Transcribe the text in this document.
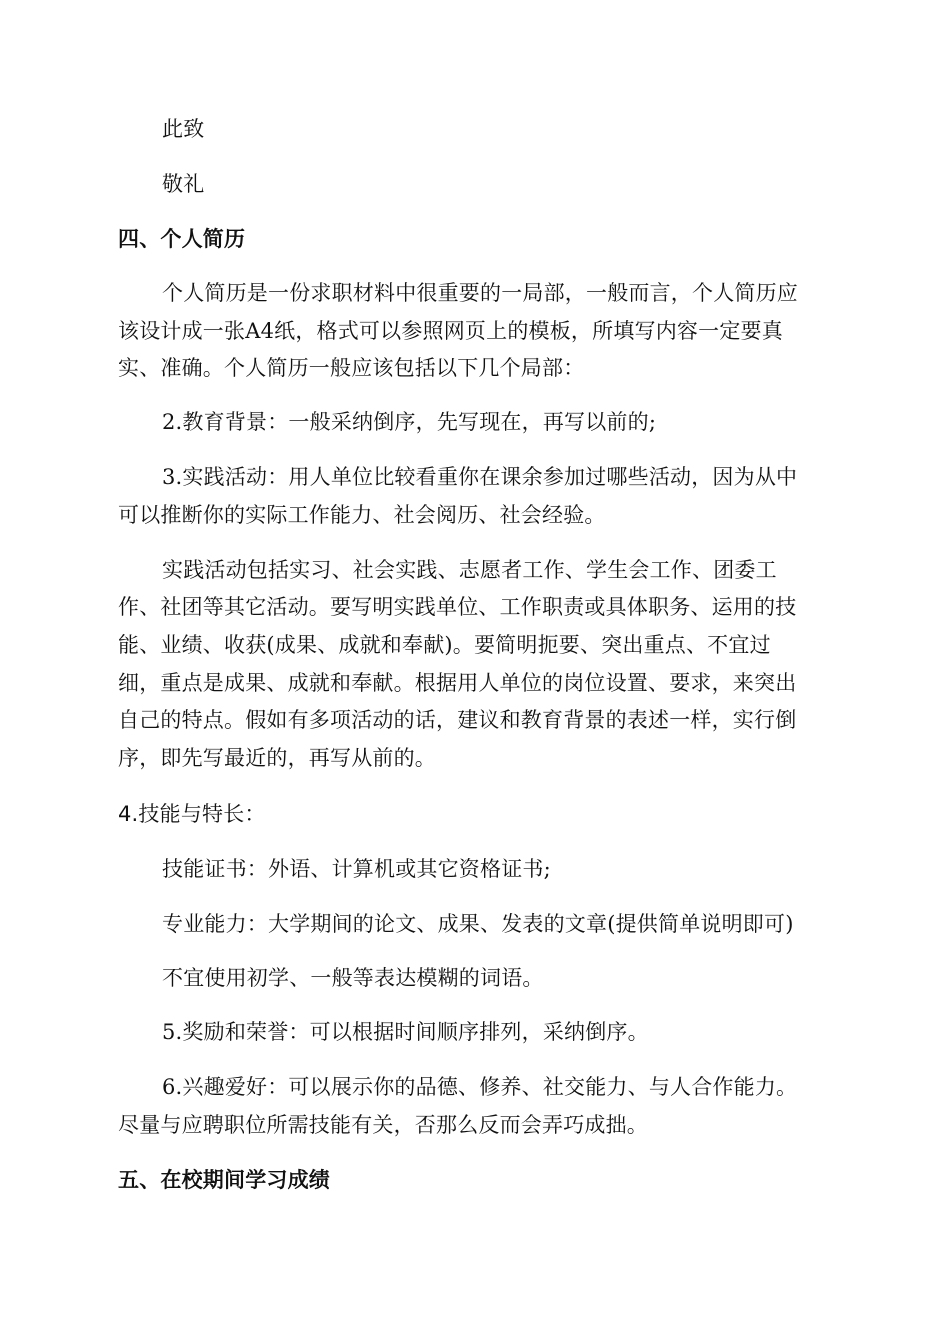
此致
敬礼
四、个人简历
个人简历是一份求职材料中很重要的一局部，一般而言，个人简历应
该设计成一张A4纸，格式可以参照网页上的模板，所填写内容一定要真
实、准确。个人简历一般应该包括以下几个局部：
2.教育背景：一般采纳倒序，先写现在，再写以前的;
3.实践活动：用人单位比较看重你在课余参加过哪些活动，因为从中
可以推断你的实际工作能力、社会阅历、社会经验。
实践活动包括实习、社会实践、志愿者工作、学生会工作、团委工
作、社团等其它活动。要写明实践单位、工作职责或具体职务、运用的技
能、业绩、收获(成果、成就和奉献)。要简明扼要、突出重点、不宜过
细，重点是成果、成就和奉献。根据用人单位的岗位设置、要求，来突出
自己的特点。假如有多项活动的话，建议和教育背景的表述一样，实行倒
序，即先写最近的，再写从前的。
4.技能与特长：
技能证书：外语、计算机或其它资格证书;
专业能力：大学期间的论文、成果、发表的文章(提供简单说明即可)
不宜使用初学、一般等表达模糊的词语。
5.奖励和荣誉：可以根据时间顺序排列，采纳倒序。
6.兴趣爱好：可以展示你的品德、修养、社交能力、与人合作能力。
尽量与应聘职位所需技能有关，否那么反而会弄巧成拙。
五、在校期间学习成绩
